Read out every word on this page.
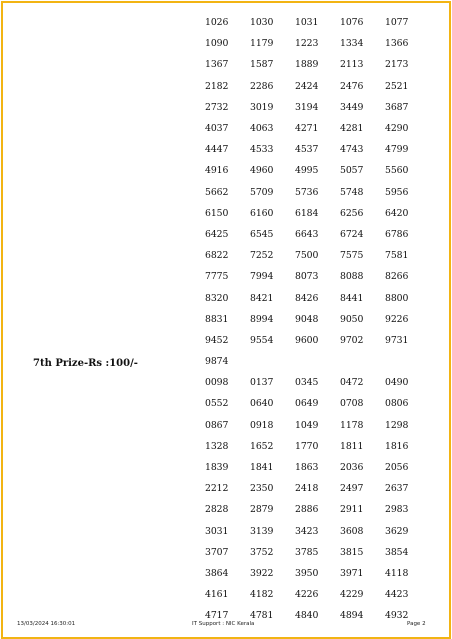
7th Prize-Rs :100/-
1026	1030	1031	1076	1077
1090	1179	1223	1334	1366
1367	1587	1889	2113	2173
2182	2286	2424	2476	2521
2732	3019	3194	3449	3687
4037	4063	4271	4281	4290
4447	4533	4537	4743	4799
4916	4960	4995	5057	5560
5662	5709	5736	5748	5956
6150	6160	6184	6256	6420
6425	6545	6643	6724	6786
6822	7252	7500	7575	7581
7775	7994	8073	8088	8266
8320	8421	8426	8441	8800
8831	8994	9048	9050	9226
9452	9554	9600	9702	9731
9874
0098	0137	0345	0472	0490
0552	0640	0649	0708	0806
0867	0918	1049	1178	1298
1328	1652	1770	1811	1816
1839	1841	1863	2036	2056
2212	2350	2418	2497	2637
2828	2879	2886	2911	2983
3031	3139	3423	3608	3629
3707	3752	3785	3815	3854
3864	3922	3950	3971	4118
4161	4182	4226	4229	4423
4717	4781	4840	4894	4932
13/03/2024 16:30:01	IT Support : NIC Kerala	Page 2
